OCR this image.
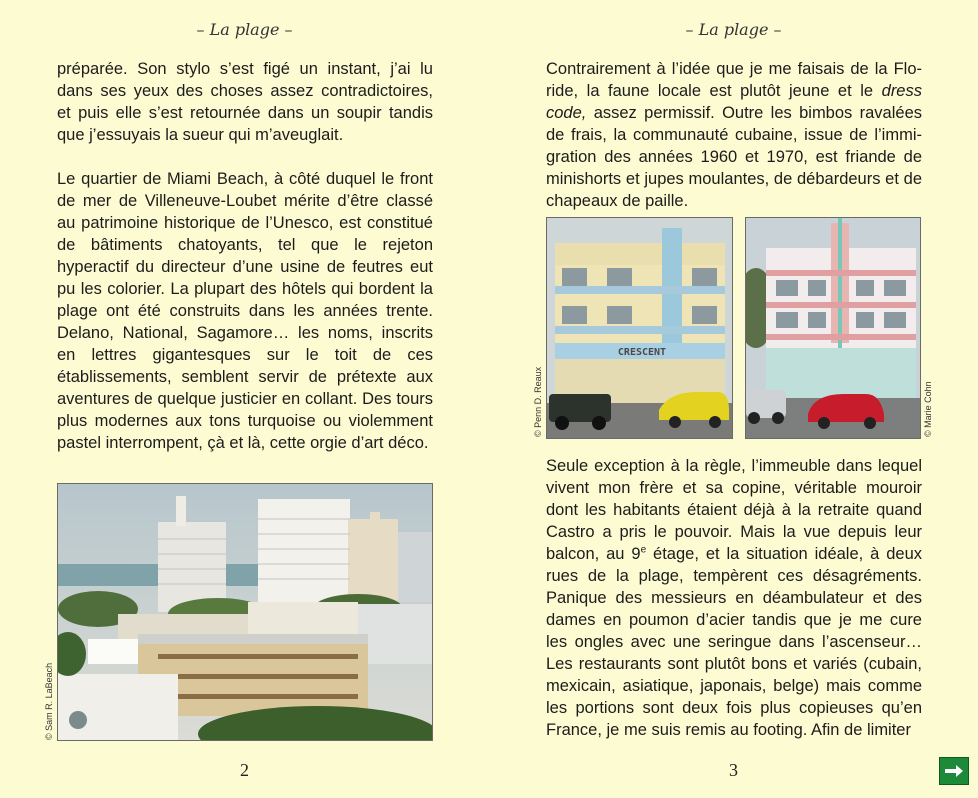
– La plage –

préparée. Son stylo s’est figé un instant, j’ai lu dans ses yeux des choses assez contradictoires, et puis elle s’est retournée dans un soupir tandis que j’essuyais la sueur qui m’aveuglait.

Le quartier de Miami Beach, à côté duquel le front de mer de Villeneuve-Loubet mérite d’être classé au patrimoine historique de l’Unesco, est constitué de bâtiments chatoyants, tel que le rejeton hyperactif du directeur d’une usine de feutres eut pu les colorier. La plupart des hôtels qui bordent la plage ont été construits dans les années trente. Delano, National, Sagamore… les noms, inscrits en lettres gigantesques sur le toit de ces établissements, semblent servir de prétexte aux aventures de quelque justicier en collant. Des tours plus modernes aux tons turquoise ou violemment pastel interrompent, çà et là, cette orgie d’art déco.

© Sam R. LaBeach
2
– La plage –

Contrairement à l’idée que je me faisais de la Floride, la faune locale est plutôt jeune et le dress code, assez permissif. Outre les bimbos ravalées de frais, la communauté cubaine, issue de l’immigration des années 1960 et 1970, est friande de minishorts et jupes moulantes, de débardeurs et de chapeaux de paille.

CRESCENT
© Penn D. Reaux	© Marie Cohn

Seule exception à la règle, l’immeuble dans lequel vivent mon frère et sa copine, véritable mouroir dont les habitants étaient déjà à la retraite quand Castro a pris le pouvoir. Mais la vue depuis leur balcon, au 9e étage, et la situation idéale, à deux rues de la plage, tempèrent ces désagréments. Panique des messieurs en déambulateur et des dames en poumon d’acier tandis que je me cure les ongles avec une seringue dans l’ascenseur… Les restaurants sont plutôt bons et variés (cubain, mexicain, asiatique, japonais, belge) mais comme les portions sont deux fois plus copieuses qu’en France, je me suis remis au footing. Afin de limiter

3
